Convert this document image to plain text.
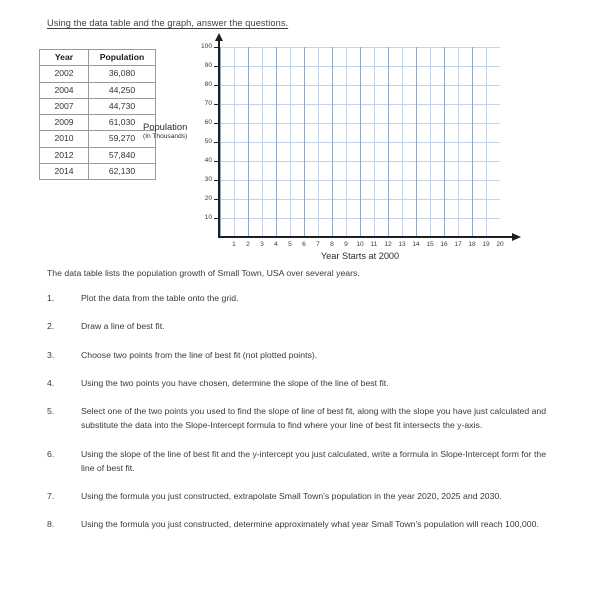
Using the data table and the graph, answer the questions.
Year	Population
2002	36,080
2004	44,250
2007	44,730
2009	61,030
2010	59,270
2012	57,840
2014	62,130
Population
(In Thousands)
10
20
30
40
50
60
70
80
90
100
1	2	3	4	5	6	7	8	9	10	11	12	13	14	15	16	17	18	19	20
Year Starts at 2000
The data table lists the population growth of Small Town, USA over several years.
1.	Plot the data from the table onto the grid.
2.	Draw a line of best fit.
3.	Choose two points from the line of best fit (not plotted points).
4.	Using the two points you have chosen, determine the slope of the line of best fit.
5.	Select one of the two points you used to find the slope of line of best fit, along with the slope you have just calculated and substitute the data into the Slope-Intercept formula to find where your line of best fit intersects the y-axis.
6.	Using the slope of the line of best fit and the y-intercept you just calculated, write a formula in Slope-Intercept form for the line of best fit.
7.	Using the formula you just constructed, extrapolate Small Town's population in the year 2020, 2025 and 2030.
8.	Using the formula you just constructed, determine approximately what year Small Town's population will reach 100,000.
